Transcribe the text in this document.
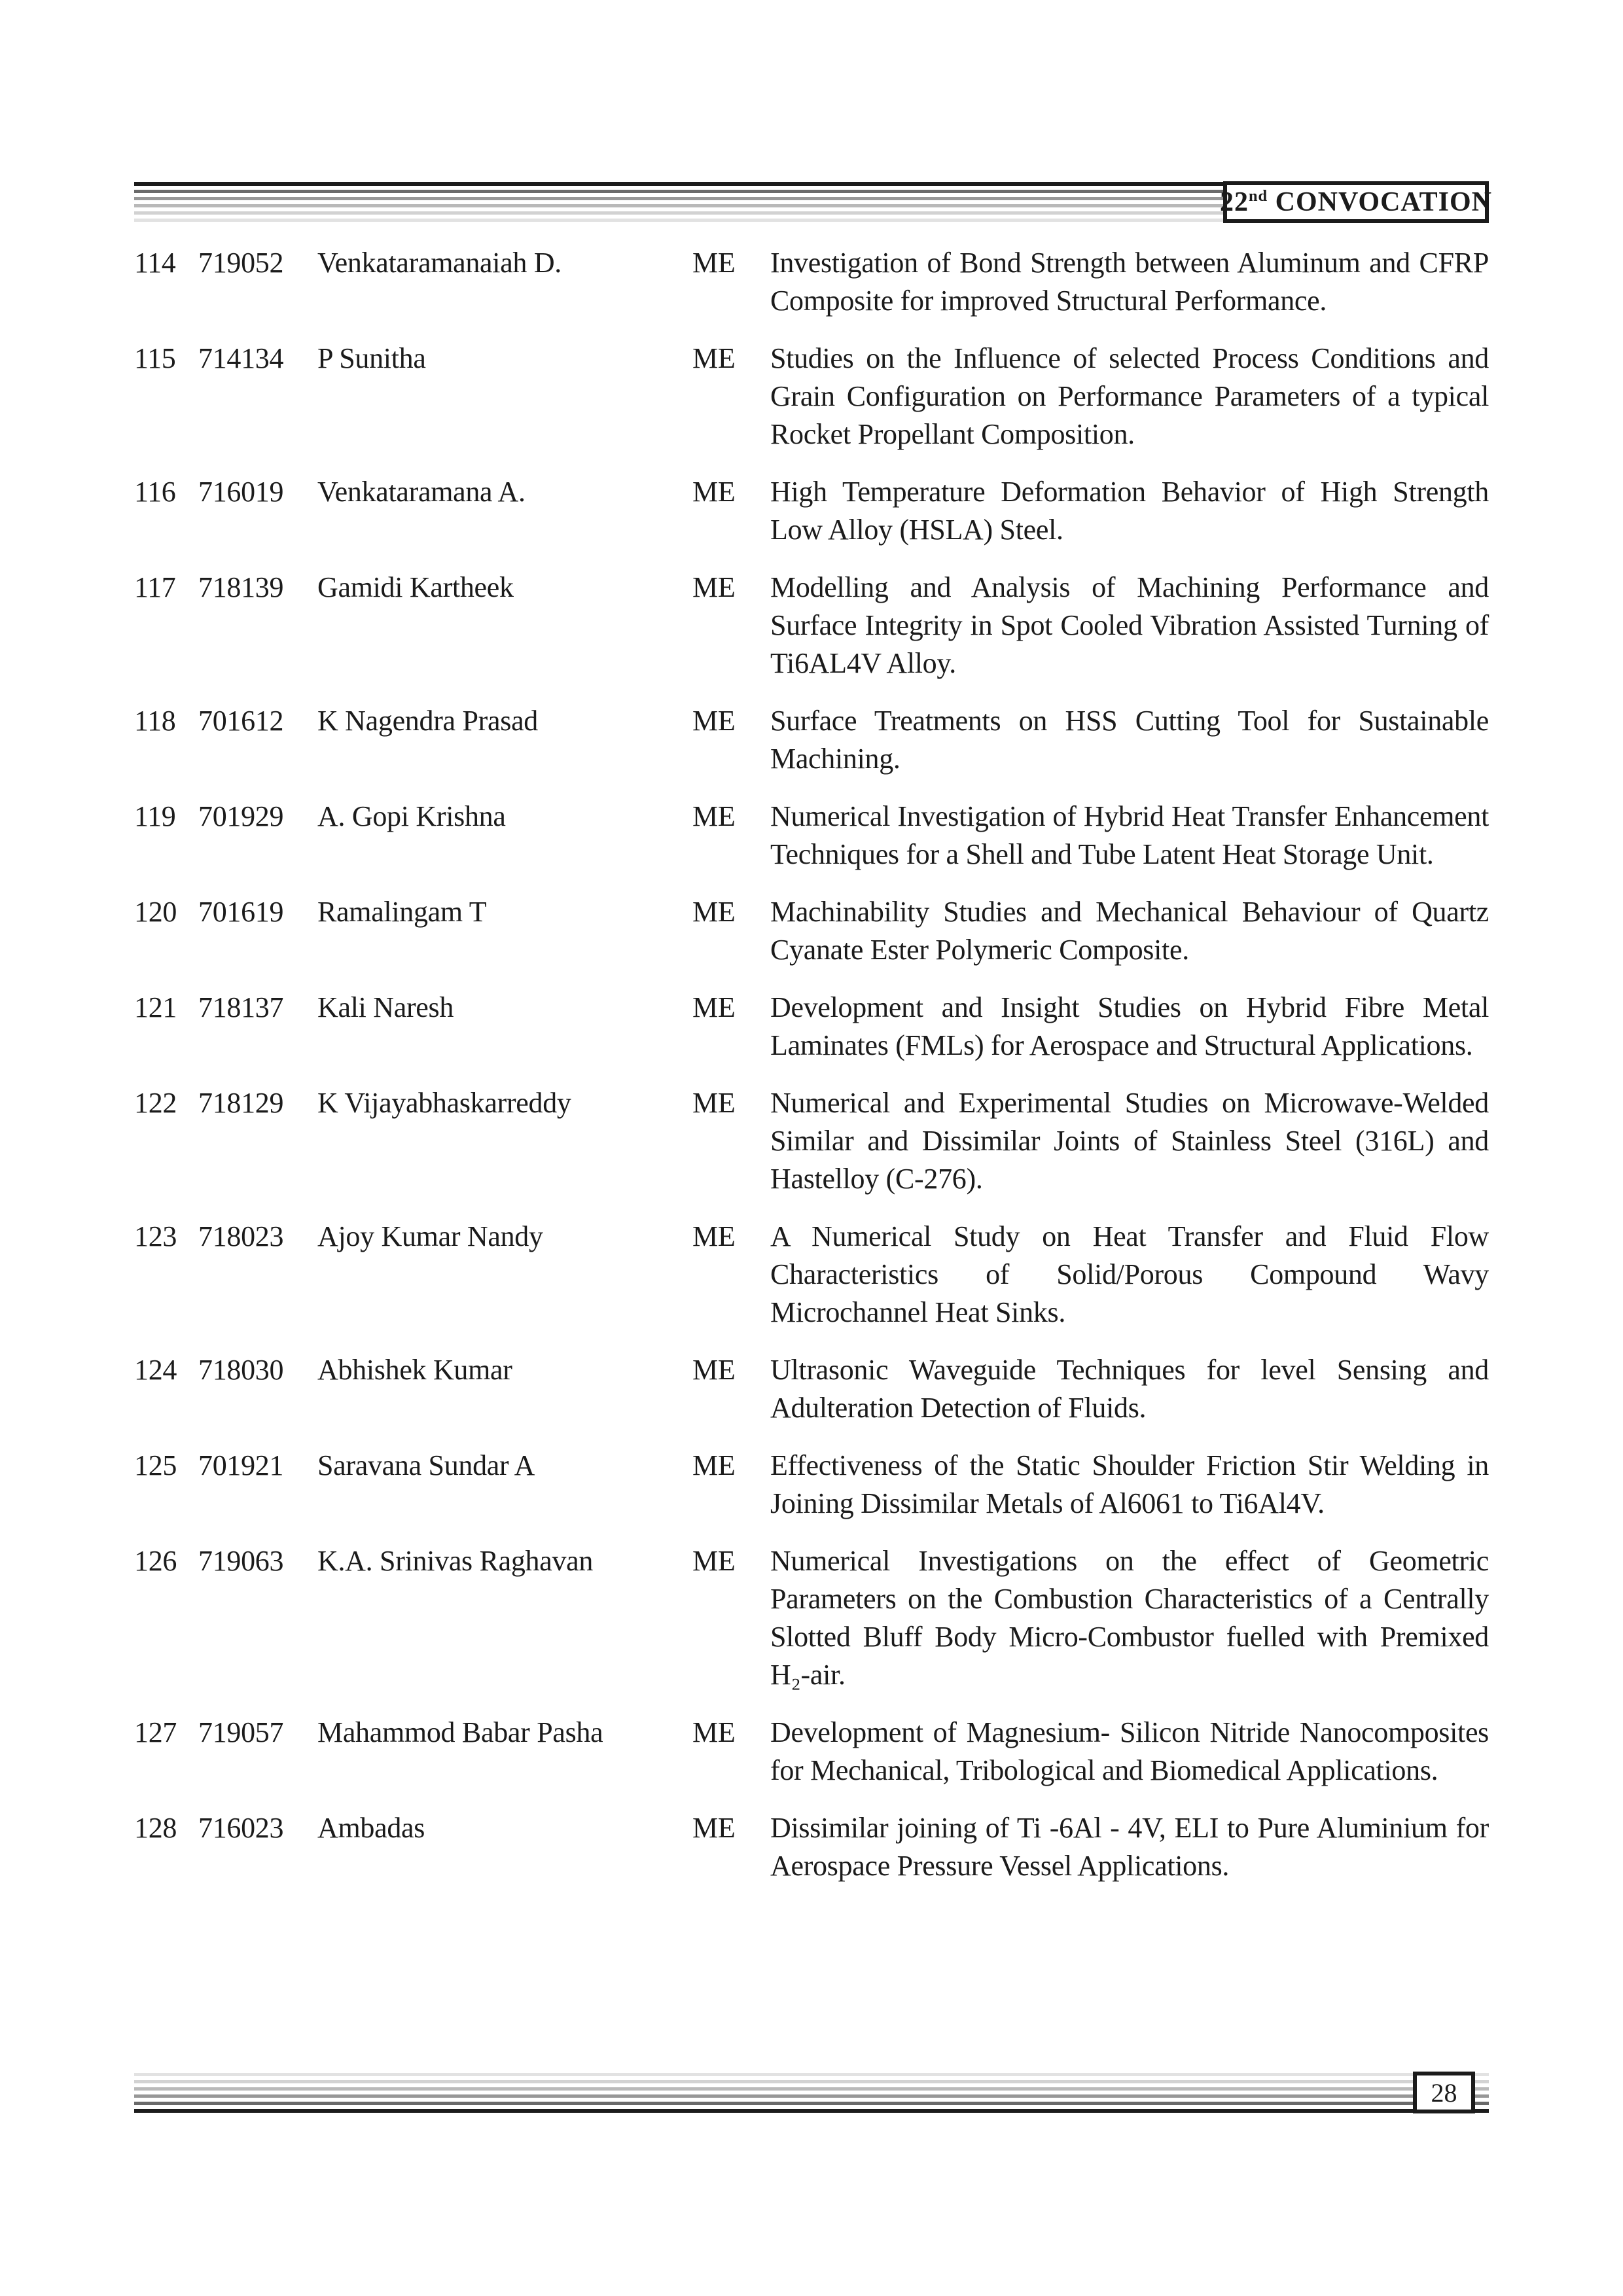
22nd CONVOCATION
114 719052	Venkataramanaiah D.	ME	Investigation of Bond Strength between Aluminum and CFRP Composite for improved Structural Performance.
115 714134	P Sunitha	ME	Studies on the Influence of selected Process Conditions and Grain Configuration on Performance Parameters of a typical Rocket Propellant Composition.
116 716019	Venkataramana A.	ME	High Temperature Deformation Behavior of High Strength Low Alloy (HSLA) Steel.
117 718139	Gamidi Kartheek	ME	Modelling and Analysis of Machining Performance and Surface Integrity in Spot Cooled Vibration Assisted Turning of Ti6AL4V Alloy.
118 701612	K Nagendra Prasad	ME	Surface Treatments on HSS Cutting Tool for Sustainable Machining.
119 701929	A. Gopi Krishna	ME	Numerical Investigation of Hybrid Heat Transfer Enhancement Techniques for a Shell and Tube Latent Heat Storage Unit.
120 701619	Ramalingam T	ME	Machinability Studies and Mechanical Behaviour of Quartz Cyanate Ester Polymeric Composite.
121 718137	Kali Naresh	ME	Development and Insight Studies on Hybrid Fibre Metal Laminates (FMLs) for Aerospace and Structural Applications.
122 718129	K Vijayabhaskarreddy	ME	Numerical and Experimental Studies on Microwave-Welded Similar and Dissimilar Joints of Stainless Steel (316L) and Hastelloy (C-276).
123 718023	Ajoy Kumar Nandy	ME	A Numerical Study on Heat Transfer and Fluid Flow Characteristics of Solid/Porous Compound Wavy Microchannel Heat Sinks.
124 718030	Abhishek Kumar	ME	Ultrasonic Waveguide Techniques for level Sensing and Adulteration Detection of Fluids.
125 701921	Saravana Sundar A	ME	Effectiveness of the Static Shoulder Friction Stir Welding in Joining Dissimilar Metals of Al6061 to Ti6Al4V.
126 719063	K.A. Srinivas Raghavan	ME	Numerical Investigations on the effect of Geometric Parameters on the Combustion Characteristics of a Centrally Slotted Bluff Body Micro-Combustor fuelled with Premixed H₂-air.
127 719057	Mahammod Babar Pasha	ME	Development of Magnesium- Silicon Nitride Nanocomposites for Mechanical, Tribological and Biomedical Applications.
128 716023	Ambadas	ME	Dissimilar joining of Ti -6Al - 4V, ELI to Pure Aluminium for Aerospace Pressure Vessel Applications.
28
